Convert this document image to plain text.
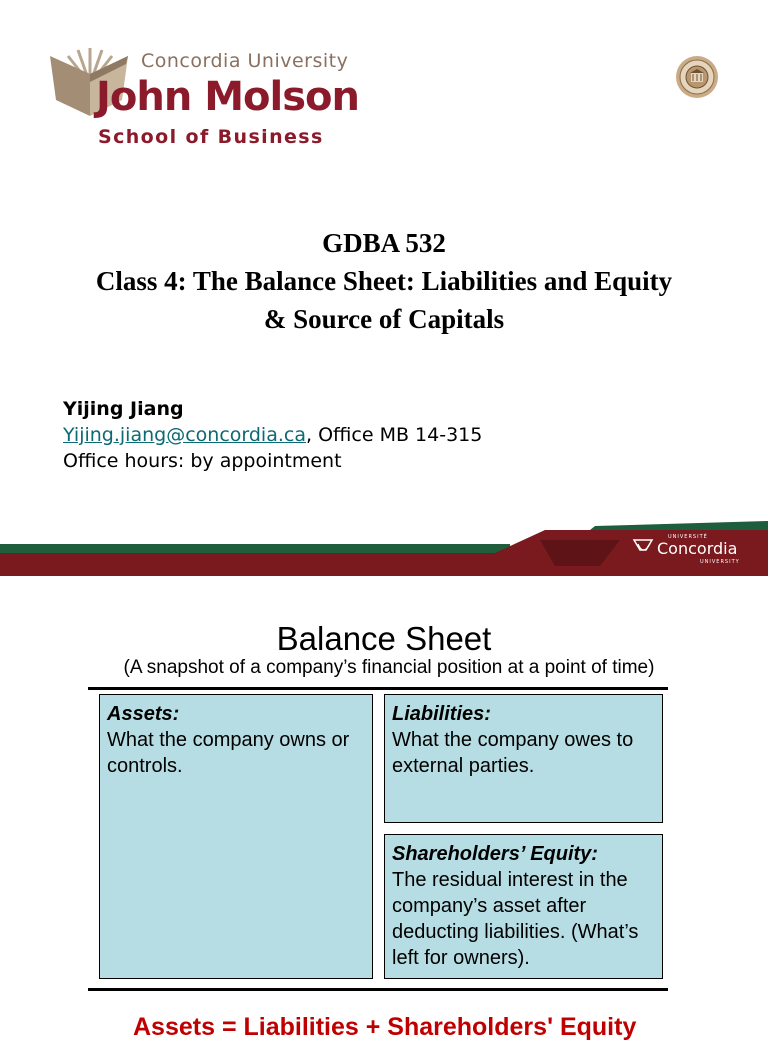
Concordia University
John Molson
School of Business
GDBA 532
Class 4: The Balance Sheet: Liabilities and Equity
& Source of Capitals
Yijing Jiang
Yijing.jiang@concordia.ca, Office MB 14-315
Office hours: by appointment
UNIVERSITÉ
Concordia
UNIVERSITY
Balance Sheet
(A snapshot of a company’s financial position at a point of time)
Assets:
What the company owns or controls.
Liabilities:
What the company owes to external parties.
Shareholders’ Equity:
The residual interest in the company’s asset after deducting liabilities. (What’s left for owners).
Assets = Liabilities + Shareholders' Equity
